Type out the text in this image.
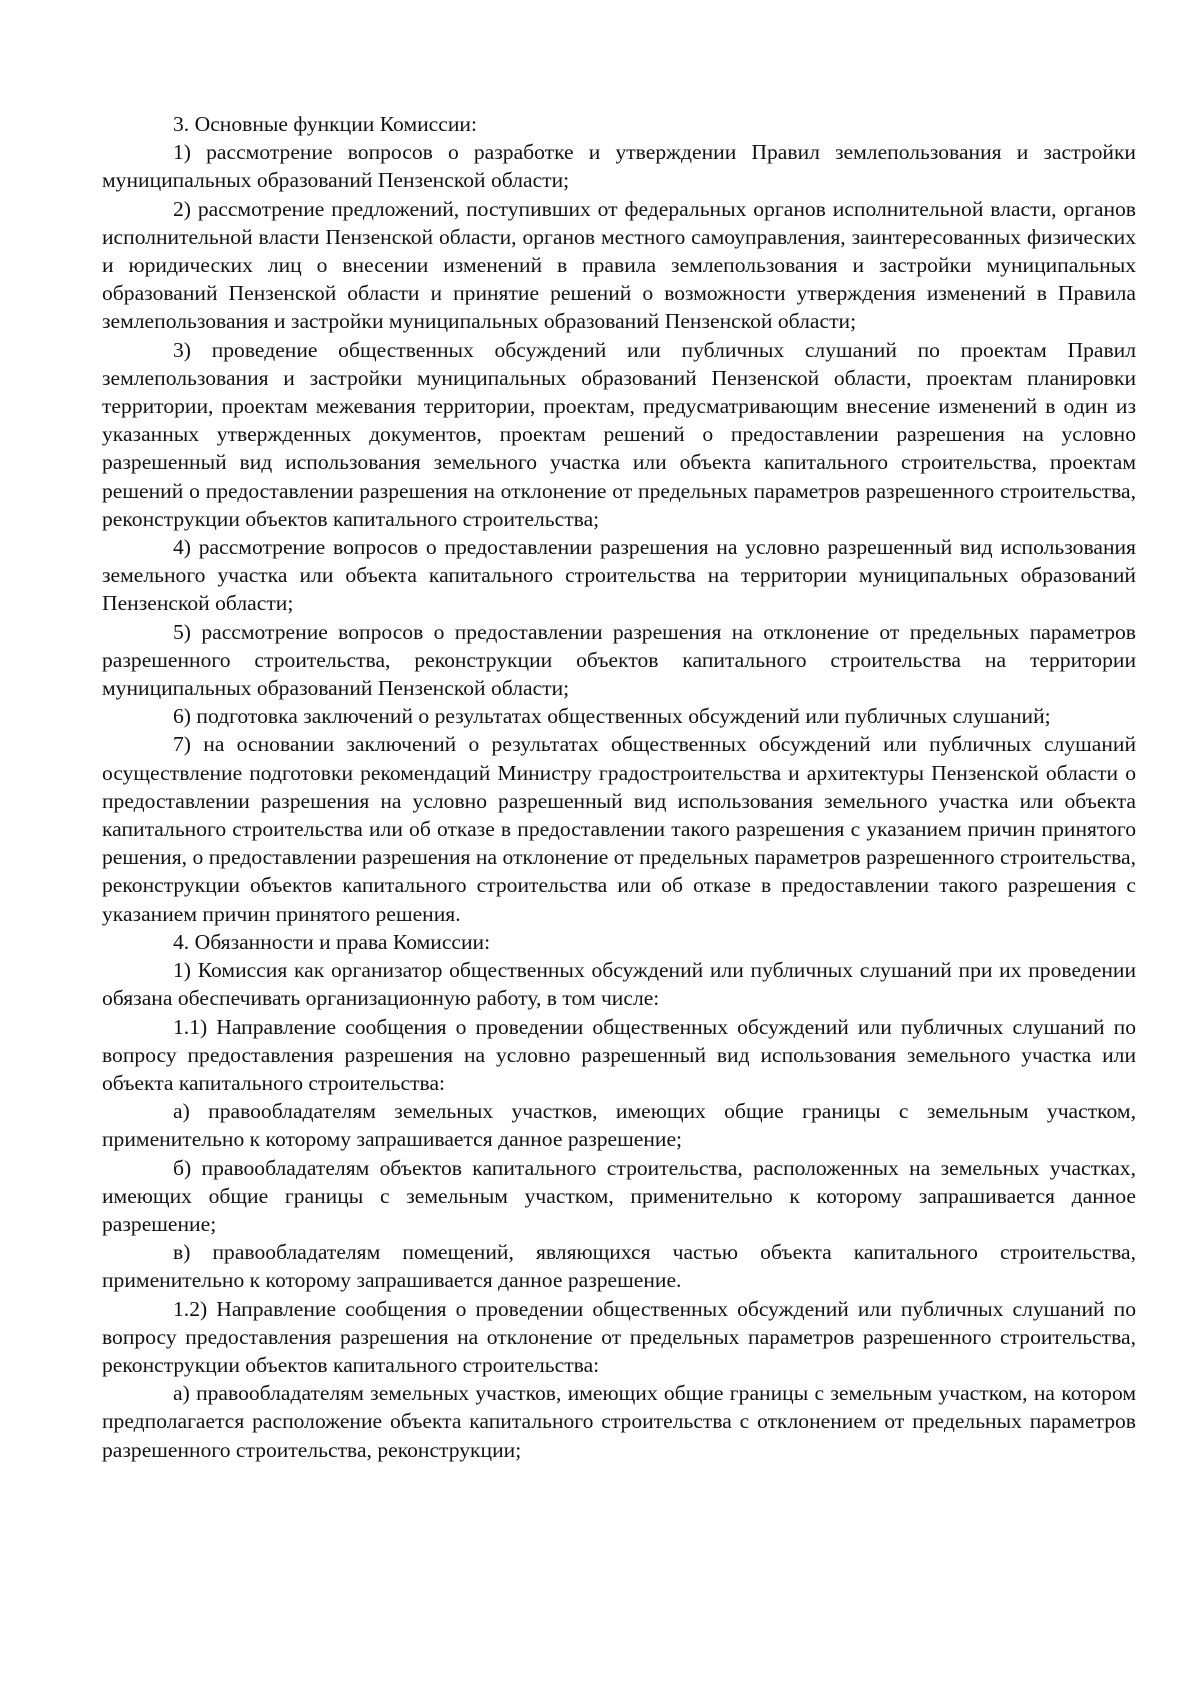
3. Основные функции Комиссии:

1) рассмотрение вопросов о разработке и утверждении Правил землепользования и застройки муниципальных образований Пензенской области;

2) рассмотрение предложений, поступивших от федеральных органов исполнительной власти, органов исполнительной власти Пензенской области, органов местного самоуправления, заинтересованных физических и юридических лиц о внесении изменений в правила землепользования и застройки муниципальных образований Пензенской области и принятие решений о возможности утверждения изменений в Правила землепользования и застройки муниципальных образований Пензенской области;

3) проведение общественных обсуждений или публичных слушаний по проектам Правил землепользования и застройки муниципальных образований Пензенской области, проектам планировки территории, проектам межевания территории, проектам, предусматривающим внесение изменений в один из указанных утвержденных документов, проектам решений о предоставлении разрешения на условно разрешенный вид использования земельного участка или объекта капитального строительства, проектам решений о предоставлении разрешения на отклонение от предельных параметров разрешенного строительства, реконструкции объектов капитального строительства;

4) рассмотрение вопросов о предоставлении разрешения на условно разрешенный вид использования земельного участка или объекта капитального строительства на территории муниципальных образований Пензенской области;

5) рассмотрение вопросов о предоставлении разрешения на отклонение от предельных параметров разрешенного строительства, реконструкции объектов капитального строительства на территории муниципальных образований Пензенской области;

6) подготовка заключений о результатах общественных обсуждений или публичных слушаний;

7) на основании заключений о результатах общественных обсуждений или публичных слушаний осуществление подготовки рекомендаций Министру градостроительства и архитектуры Пензенской области о предоставлении разрешения на условно разрешенный вид использования земельного участка или объекта капитального строительства или об отказе в предоставлении такого разрешения с указанием причин принятого решения, о предоставлении разрешения на отклонение от предельных параметров разрешенного строительства, реконструкции объектов капитального строительства или об отказе в предоставлении такого разрешения с указанием причин принятого решения.

4. Обязанности и права Комиссии:

1) Комиссия как организатор общественных обсуждений или публичных слушаний при их проведении обязана обеспечивать организационную работу, в том числе:

1.1) Направление сообщения о проведении общественных обсуждений или публичных слушаний по вопросу предоставления разрешения на условно разрешенный вид использования земельного участка или объекта капитального строительства:

а) правообладателям земельных участков, имеющих общие границы с земельным участком, применительно к которому запрашивается данное разрешение;

б) правообладателям объектов капитального строительства, расположенных на земельных участках, имеющих общие границы с земельным участком, применительно к которому запрашивается данное разрешение;

в) правообладателям помещений, являющихся частью объекта капитального строительства, применительно к которому запрашивается данное разрешение.

1.2) Направление сообщения о проведении общественных обсуждений или публичных слушаний по вопросу предоставления разрешения на отклонение от предельных параметров разрешенного строительства, реконструкции объектов капитального строительства:

а) правообладателям земельных участков, имеющих общие границы с земельным участком, на котором предполагается расположение объекта капитального строительства с отклонением от предельных параметров разрешенного строительства, реконструкции;
